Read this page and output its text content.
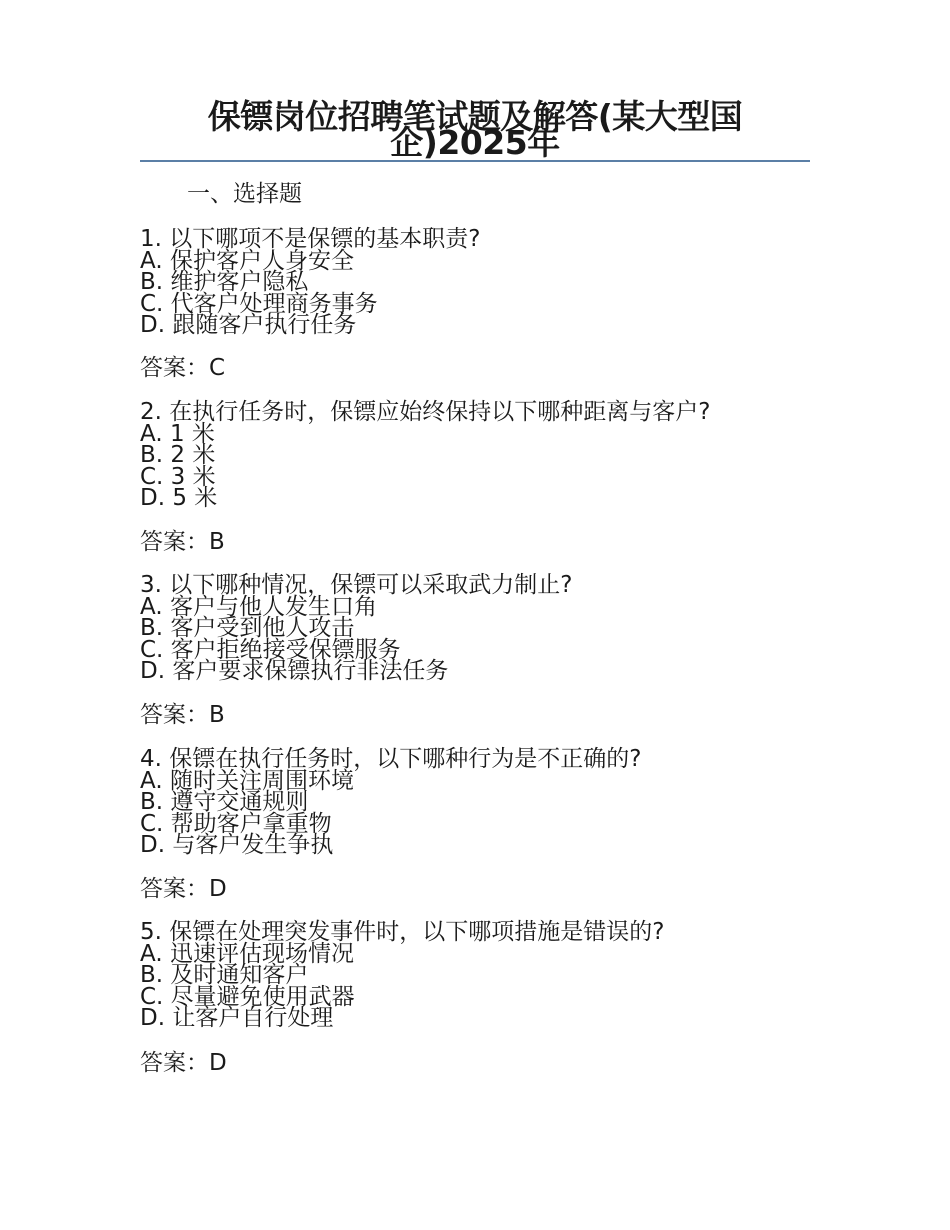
保镖岗位招聘笔试题及解答(某大型国企)2025年
一、选择题
1. 以下哪项不是保镖的基本职责?
A. 保护客户人身安全
B. 维护客户隐私
C. 代客户处理商务事务
D. 跟随客户执行任务
答案：C
2. 在执行任务时，保镖应始终保持以下哪种距离与客户?
A. 1 米
B. 2 米
C. 3 米
D. 5 米
答案：B
3. 以下哪种情况，保镖可以采取武力制止?
A. 客户与他人发生口角
B. 客户受到他人攻击
C. 客户拒绝接受保镖服务
D. 客户要求保镖执行非法任务
答案：B
4. 保镖在执行任务时，以下哪种行为是不正确的?
A. 随时关注周围环境
B. 遵守交通规则
C. 帮助客户拿重物
D. 与客户发生争执
答案：D
5. 保镖在处理突发事件时，以下哪项措施是错误的?
A. 迅速评估现场情况
B. 及时通知客户
C. 尽量避免使用武器
D. 让客户自行处理
答案：D
